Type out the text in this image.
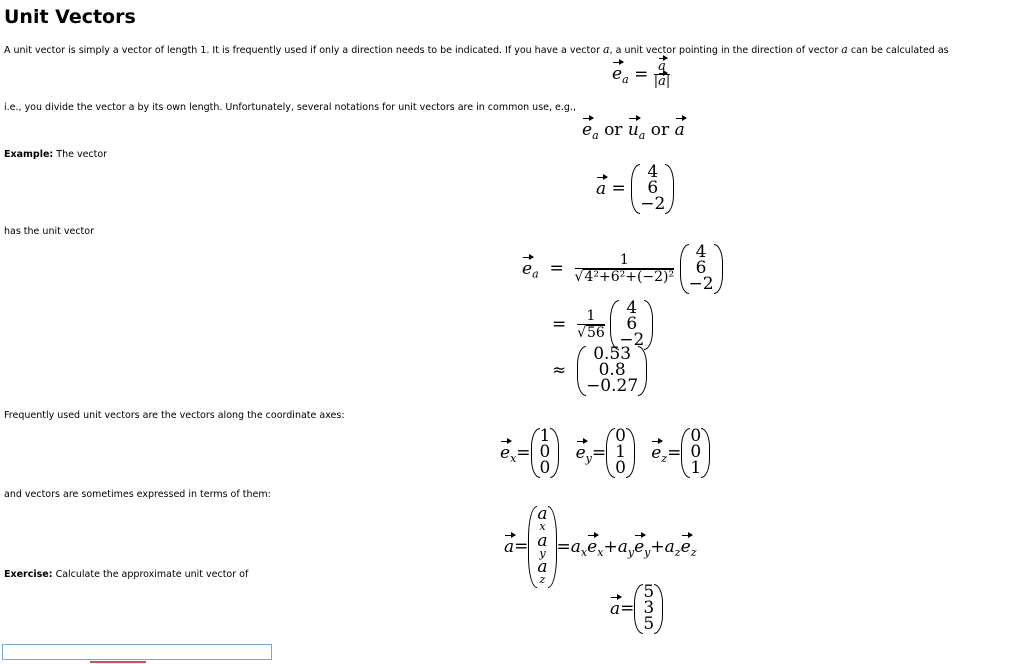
Unit Vectors
A unit vector is simply a vector of length 1. It is frequently used if only a direction needs to be indicated. If you have a vector a, a unit vector pointing in the direction of vector a can be calculated as
$e_a = \frac{a}{|a|}$
i.e., you divide the vector a by its own length. Unfortunately, several notations for unit vectors are in common use, e.g.,
$e_a$ or $u_a$ or a
Example: The vector
a =
4
6
−2
has the unit vector
$e_a = \frac{1}{\text{√4²+6²+(−2)²}}$

4
6
−2
= $\frac{1}{√56}$

4
6
−2
≈
0.53
0.8
−0.27
Frequently used unit vectors are the vectors along the coordinate axes:
$e_x=$
1
0
0
$e_y=$
0
1
0
$e_z=$
0
0
1
and vectors are sometimes expressed in terms of them:
a=
a
x
a
y
a
z
$=a_xe_x+a_ye_y+a_ze_z$
Exercise: Calculate the approximate unit vector of
a=
5
3
5
